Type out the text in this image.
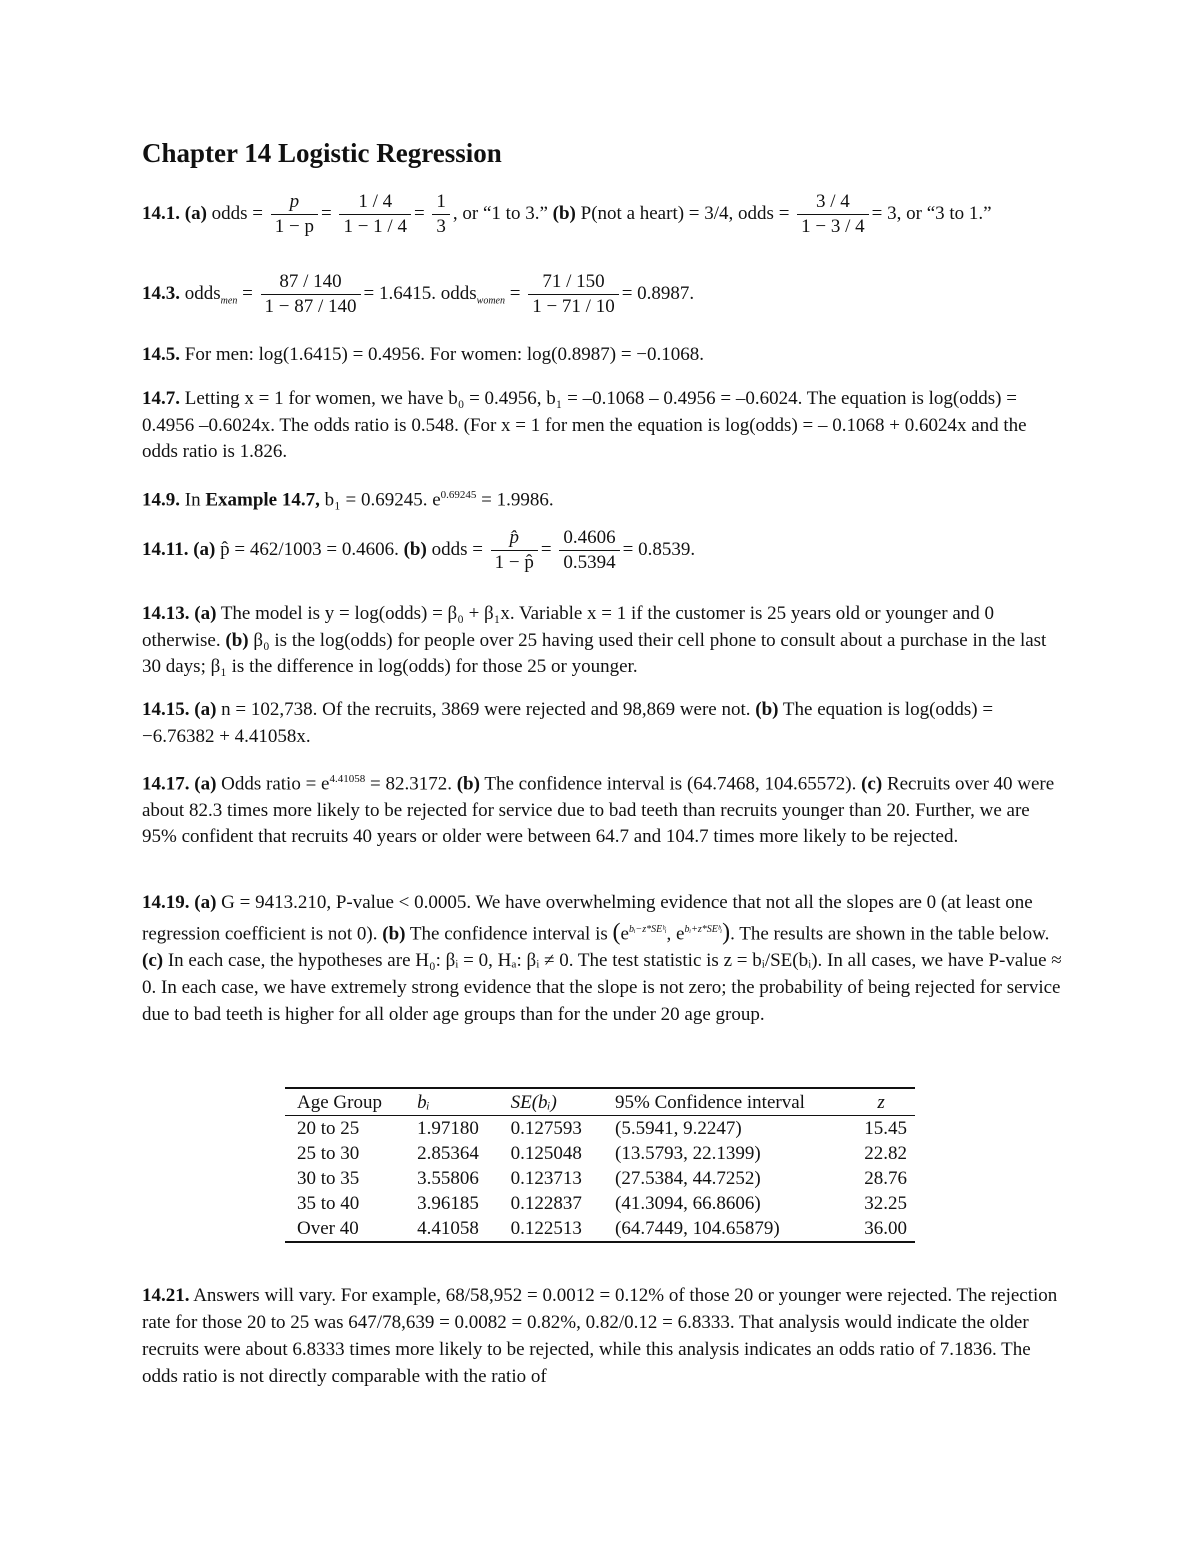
Chapter 14 Logistic Regression
14.1. (a) odds = $\frac{p}{1 - p} = \frac{1 / 4}{1 - 1 / 4} = \frac{1}{3}$ , or “1 to 3.” (b) P(not a heart) = 3/4, odds = $\frac{3 / 4}{1 - 3 / 4} = 3$, or “3 to 1.”
14.3. odds$_{men}$ = $\frac{87 / 140}{1 - 87 / 140} = 1.6415$. odds$_{women}$ = $\frac{71 / 150}{1 - 71 / 10} = 0.8987$.
14.5. For men: log(1.6415) = 0.4956. For women: log(0.8987) = −0.1068.
14.7. Letting x = 1 for women, we have b₀ = 0.4956, b₁ = –0.1068 – 0.4956 = –0.6024. The equation is log(odds) = 0.4956 –0.6024x. The odds ratio is 0.548. (For x = 1 for men the equation is log(odds) = – 0.1068 + 0.6024x and the odds ratio is 1.826.
14.9. In Example 14.7, b₁ = 0.69245. $e^{0.69245} = 1.9986$.
14.11. (a) p̂ = 462/1003 = 0.4606. (b) odds = $\frac{p̂}{1 - p̂} = \frac{0.4606}{0.5394} = 0.8539$.
14.13. (a) The model is y = log(odds) = β₀ + β₁x. Variable x = 1 if the customer is 25 years old or younger and 0 otherwise. (b) β₀ is the log(odds) for people over 25 having used their cell phone to consult about a purchase in the last 30 days; β₁ is the difference in log(odds) for those 25 or younger.
14.15. (a) n = 102,738. Of the recruits, 3869 were rejected and 98,869 were not. (b) The equation is log(odds) = −6.76382 + 4.41058x.
14.17. (a) Odds ratio = $e^{4.41058} = 82.3172$. (b) The confidence interval is (64.7468, 104.65572). (c) Recruits over 40 were about 82.3 times more likely to be rejected for service due to bad teeth than recruits younger than 20. Further, we are 95% confident that recruits 40 years or older were between 64.7 and 104.7 times more likely to be rejected.
14.19. (a) G = 9413.210, P-value < 0.0005. We have overwhelming evidence that not all the slopes are 0 (at least one regression coefficient is not 0). (b) The confidence interval is ($e^{bᵢ-z*SEᵇᵢ}$, $e^{bᵢ+z*SEᵇᵢ}$). The results are shown in the table below. (c) In each case, the hypotheses are H₀: βᵢ = 0, Hₐ: βᵢ ≠ 0. The test statistic is z = bᵢ/SE(bᵢ). In all cases, we have P-value ≈ 0. In each case, we have extremely strong evidence that the slope is not zero; the probability of being rejected for service due to bad teeth is higher for all older age groups than for the under 20 age group.
Age Group	bᵢ	SE(bᵢ)	95% Confidence interval	z
20 to 25	1.97180	0.127593	(5.5941, 9.2247)	15.45
25 to 30	2.85364	0.125048	(13.5793, 22.1399)	22.82
30 to 35	3.55806	0.123713	(27.5384, 44.7252)	28.76
35 to 40	3.96185	0.122837	(41.3094, 66.8606)	32.25
Over 40	4.41058	0.122513	(64.7449, 104.65879)	36.00
14.21. Answers will vary. For example, 68/58,952 = 0.0012 = 0.12% of those 20 or younger were rejected. The rejection rate for those 20 to 25 was 647/78,639 = 0.0082 = 0.82%, 0.82/0.12 = 6.8333. That analysis would indicate the older recruits were about 6.8333 times more likely to be rejected, while this analysis indicates an odds ratio of 7.1836. The odds ratio is not directly comparable with the ratio of
